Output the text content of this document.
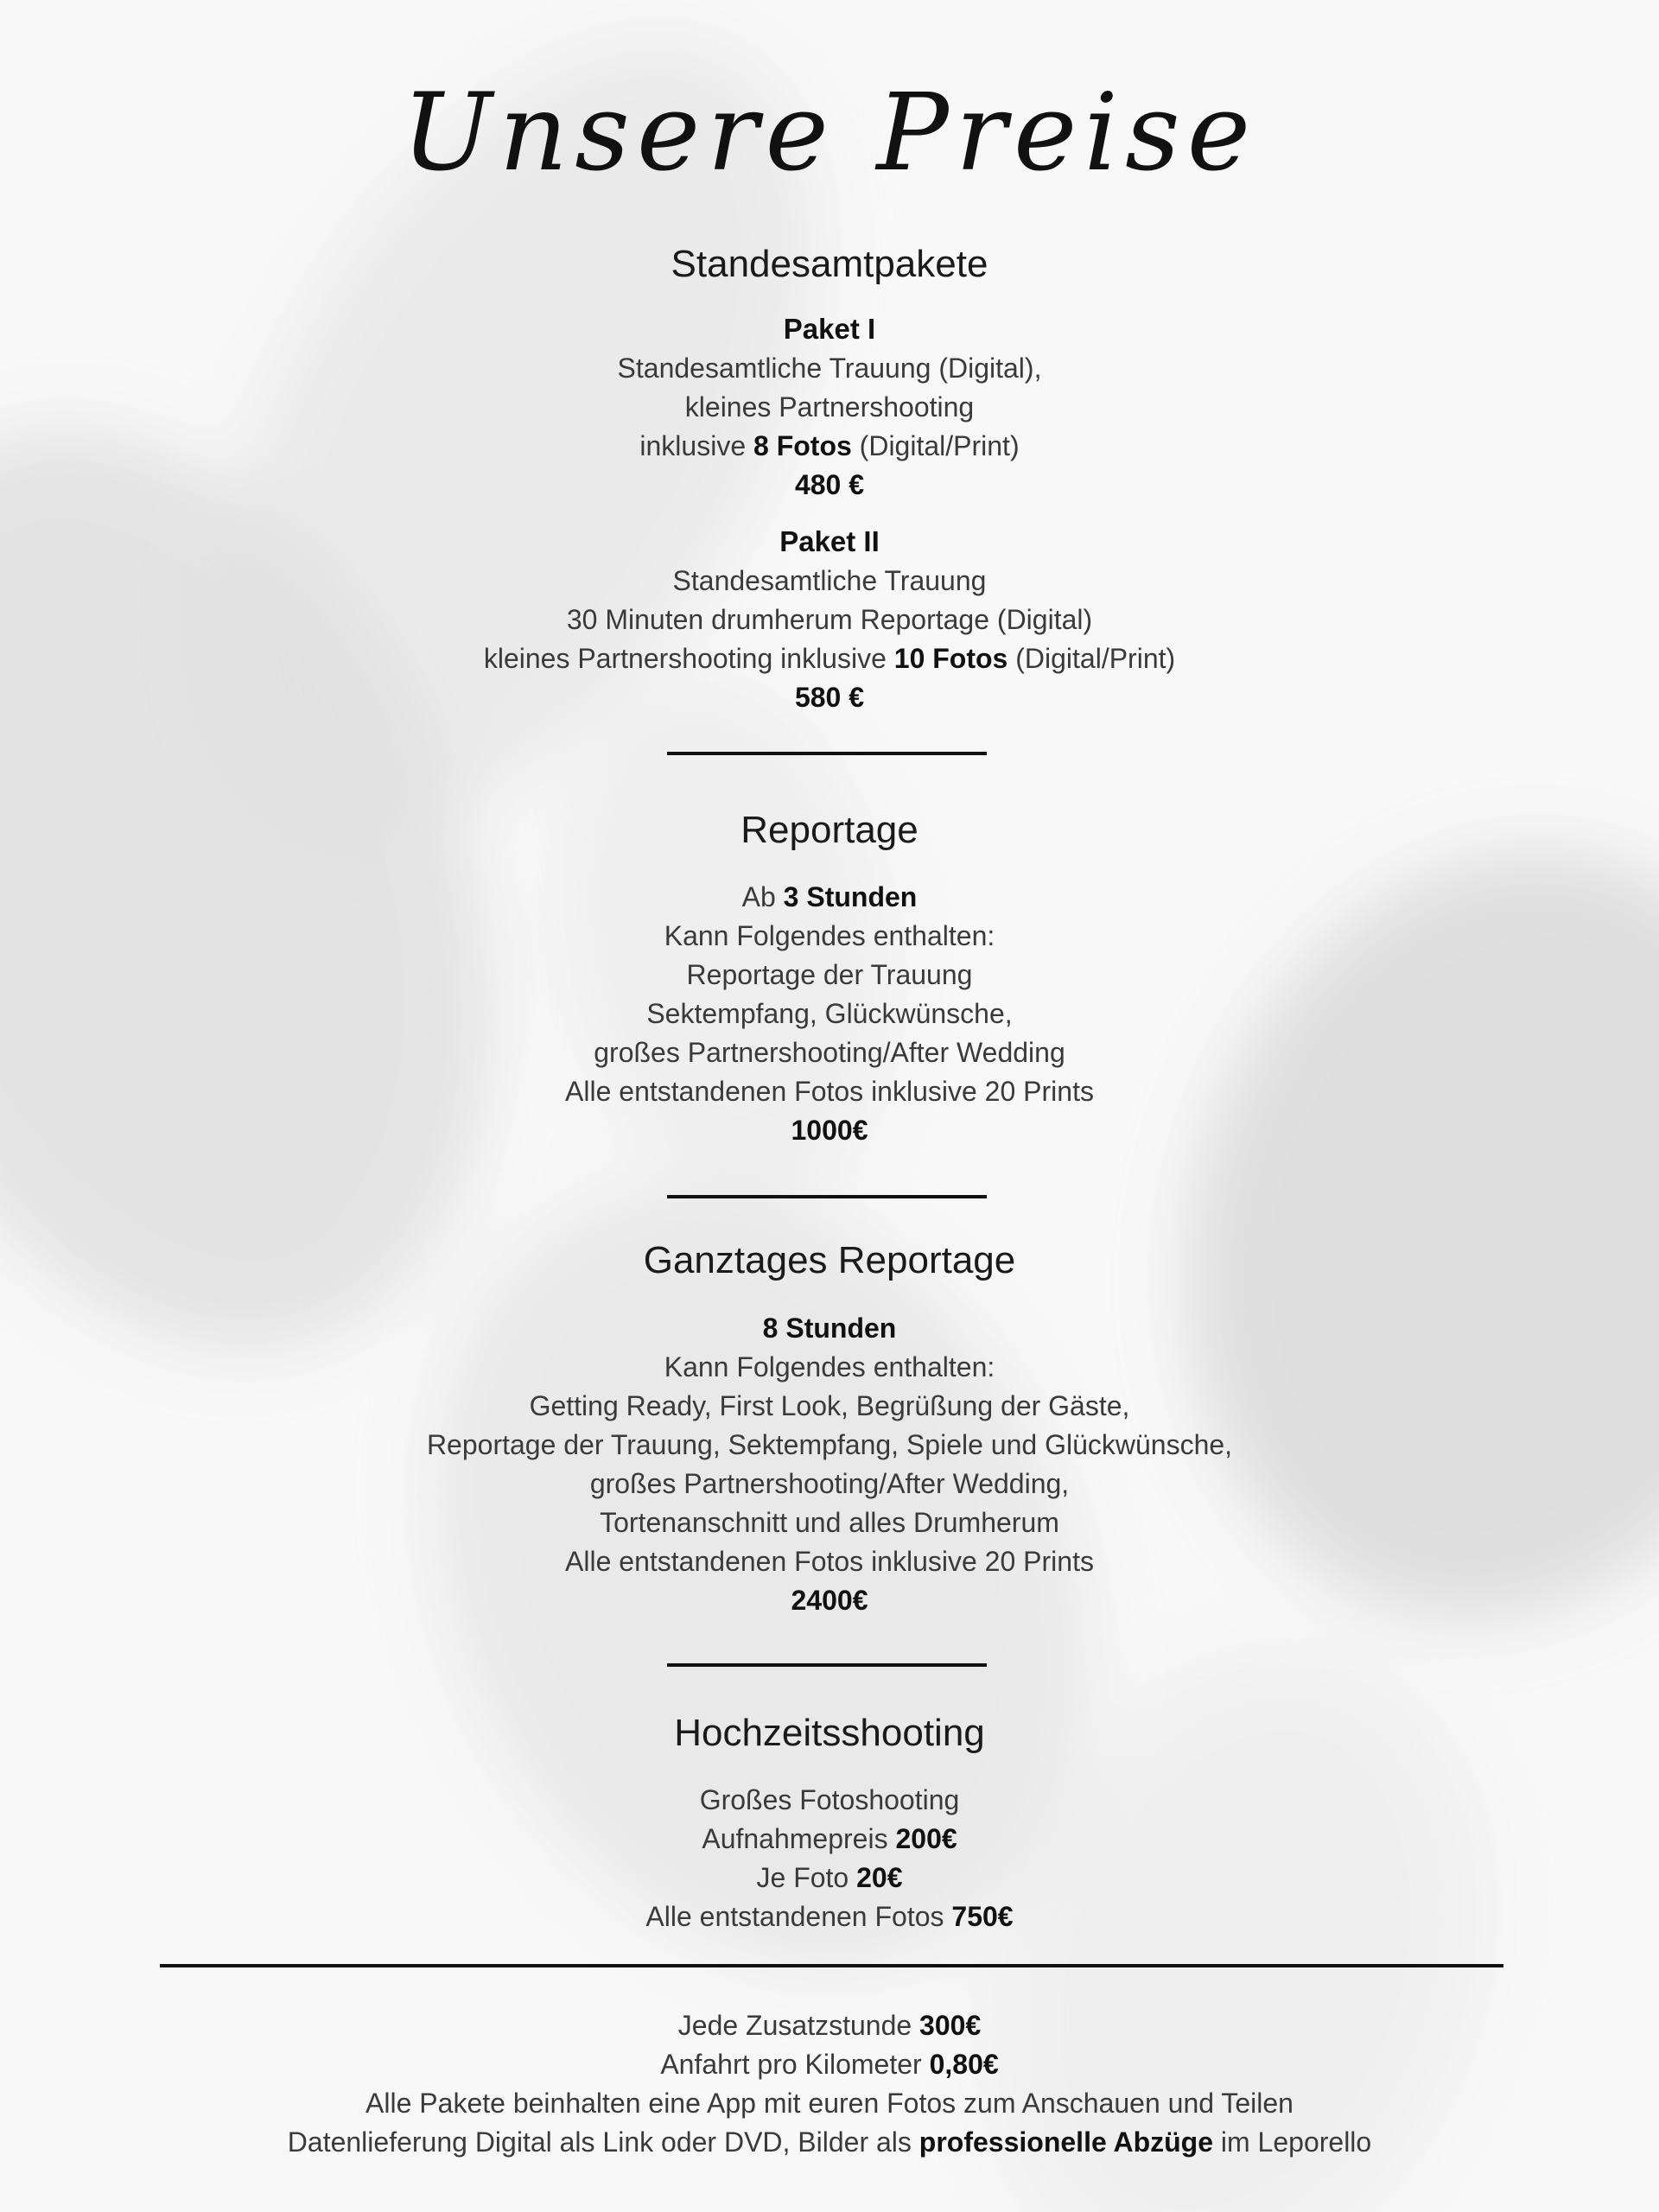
Unsere Preise
Standesamtpakete
Paket I
Standesamtliche Trauung (Digital),
kleines Partnershooting
inklusive 8 Fotos (Digital/Print)
480 €
Paket II
Standesamtliche Trauung
30 Minuten drumherum Reportage (Digital)
kleines Partnershooting inklusive 10 Fotos (Digital/Print)
580 €
Reportage
Ab 3 Stunden
Kann Folgendes enthalten:
Reportage der Trauung
Sektempfang, Glückwünsche,
großes Partnershooting/After Wedding
Alle entstandenen Fotos inklusive 20 Prints
1000€
Ganztages Reportage
8 Stunden
Kann Folgendes enthalten:
Getting Ready, First Look, Begrüßung der Gäste,
Reportage der Trauung, Sektempfang, Spiele und Glückwünsche,
großes Partnershooting/After Wedding,
Tortenanschnitt und alles Drumherum
Alle entstandenen Fotos inklusive 20 Prints
2400€
Hochzeitsshooting
Großes Fotoshooting
Aufnahmepreis 200€
Je Foto 20€
Alle entstandenen Fotos 750€
Jede Zusatzstunde 300€
Anfahrt pro Kilometer 0,80€
Alle Pakete beinhalten eine App mit euren Fotos zum Anschauen und Teilen
Datenlieferung Digital als Link oder DVD, Bilder als professionelle Abzüge im Leporello
